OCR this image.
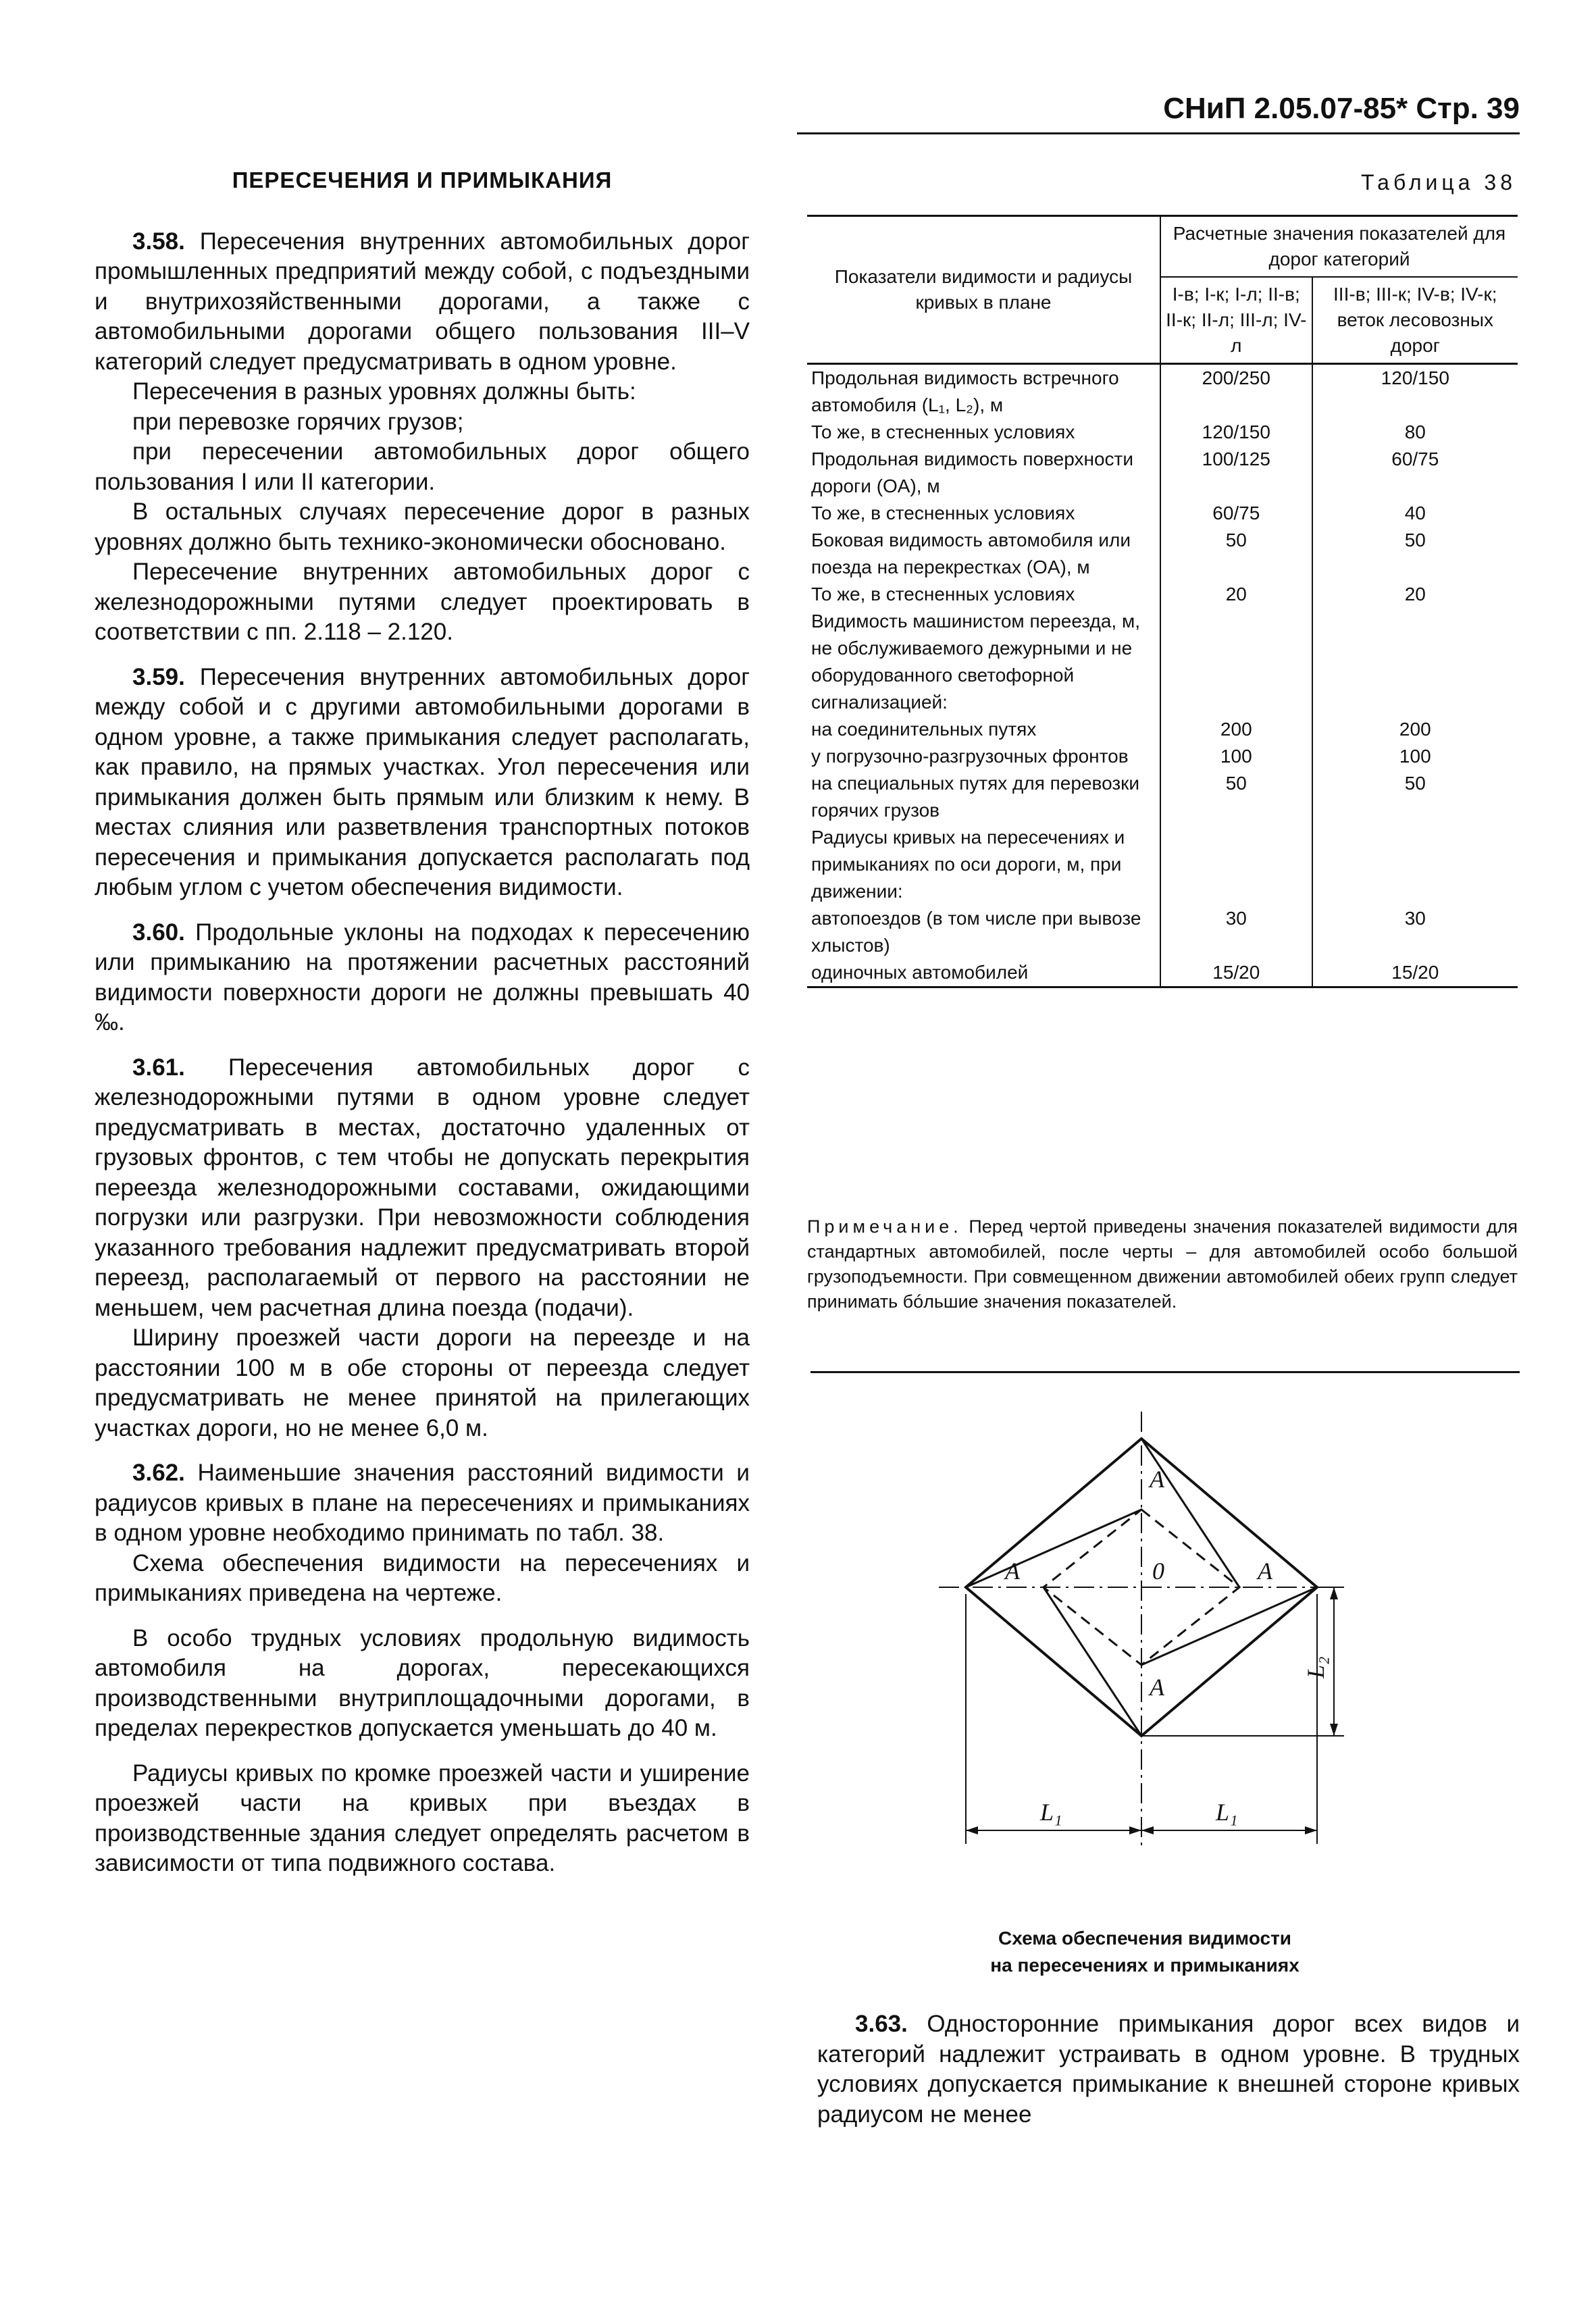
СНиП 2.05.07-85* Стр. 39
ПЕРЕСЕЧЕНИЯ И ПРИМЫКАНИЯ

3.58. Пересечения внутренних автомобильных дорог промышленных предприятий между собой, с подъездными и внутрихозяйственными дорогами, а также с автомобильными дорогами общего пользования III–V категорий следует предусматривать в одном уровне.

Пересечения в разных уровнях должны быть:

при перевозке горячих грузов;

при пересечении автомобильных дорог общего пользования I или II категории.

В остальных случаях пересечение дорог в разных уровнях должно быть технико-экономически обосновано.

Пересечение внутренних автомобильных дорог с железнодорожными путями следует проектировать в соответствии с пп. 2.118 – 2.120.

3.59. Пересечения внутренних автомобильных дорог между собой и с другими автомобильными дорогами в одном уровне, а также примыкания следует располагать, как правило, на прямых участках. Угол пересечения или примыкания должен быть прямым или близким к нему. В местах слияния или разветвления транспортных потоков пересечения и примыкания допускается располагать под любым углом с учетом обеспечения видимости.

3.60. Продольные уклоны на подходах к пересечению или примыканию на протяжении расчетных расстояний видимости поверхности дороги не должны превышать 40 ‰.

3.61. Пересечения автомобильных дорог с железнодорожными путями в одном уровне следует предусматривать в местах, достаточно удаленных от грузовых фронтов, с тем чтобы не допускать перекрытия переезда железнодорожными составами, ожидающими погрузки или разгрузки. При невозможности соблюдения указанного требования надлежит предусматривать второй переезд, располагаемый от первого на расстоянии не меньшем, чем расчетная длина поезда (подачи).

Ширину проезжей части дороги на переезде и на расстоянии 100 м в обе стороны от переезда следует предусматривать не менее принятой на прилегающих участках дороги, но не менее 6,0 м.

3.62. Наименьшие значения расстояний видимости и радиусов кривых в плане на пересечениях и примыканиях в одном уровне необходимо принимать по табл. 38.

Схема обеспечения видимости на пересечениях и примыканиях приведена на чертеже.

В особо трудных условиях продольную видимость автомобиля на дорогах, пересекающихся производственными внутриплощадочными дорогами, в пределах перекрестков допускается уменьшать до 40 м.

Радиусы кривых по кромке проезжей части и уширение проезжей части на кривых при въездах в производственные здания следует определять расчетом в зависимости от типа подвижного состава.

Таблица 38
Показатели видимости и радиусы кривых в плане	Расчетные значения показателей для дорог категорий	
	I-в; I-к; I-л; II-в; II-к; II-л; III-л; IV-л	III-в; III-к; IV-в; IV-к; веток лесовозных дорог
Продольная видимость встречного автомобиля (L₁, L₂), м	200/250	120/150
То же, в стесненных условиях	120/150	80
Продольная видимость поверхности дороги (OA), м	100/125	60/75
То же, в стесненных условиях	60/75	40
Боковая видимость автомобиля или поезда на перекрестках (OA), м	50	50
То же, в стесненных условиях	20	20
Видимость машинистом переезда, м, не обслуживаемого дежурными и не оборудованного светофорной сигнализацией:		
на соединительных путях	200	200
у погрузочно-разгрузочных фронтов	100	100
на специальных путях для перевозки горячих грузов	50	50
Радиусы кривых на пересечениях и примыканиях по оси дороги, м, при движении:		
автопоездов (в том числе при вывозе хлыстов)	30	30
одиночных автомобилей	15/20	15/20
Примечание. Перед чертой приведены значения показателей видимости для стандартных автомобилей, после черты – для автомобилей особо большой грузоподъемности. При совмещенном движении автомобилей обеих групп следует принимать бóльшие значения показателей.
A
A	A
A
0
L₁	L₁
L₂
Схема обеспечения видимости
на пересечениях и примыканиях

3.63. Односторонние примыкания дорог всех видов и категорий надлежит устраивать в одном уровне. В трудных условиях допускается примыкание к внешней стороне кривых радиусом не менее
